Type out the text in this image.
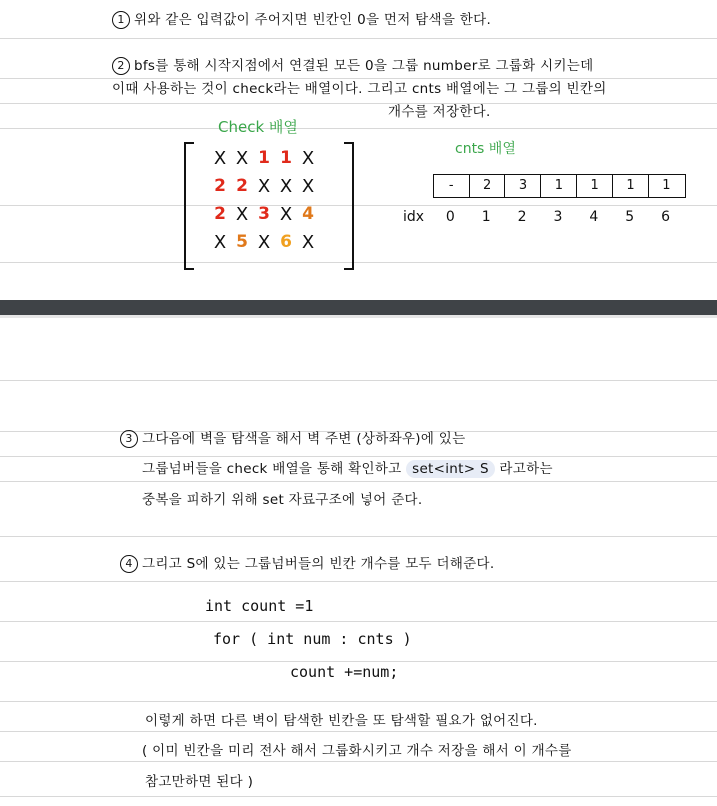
1 위와 같은 입력값이 주어지면 빈칸인 0을 먼저 탐색을 한다.
2 bfs를 통해 시작지점에서 연결된 모든 0을 그룹 number로 그룹화 시키는데
이때 사용하는 것이 check라는 배열이다. 그리고 cnts 배열에는 그 그룹의 빈칸의
개수를 저장한다.
Check 배열
X X 1 1 X
2 2 X X X
2 X 3 X 4
X 5 X 6 X
cnts 배열
-	2	3	1	1	1	1
idx 0 1 2 3 4 5 6
3 그다음에 벽을 탐색을 해서 벽 주변 (상하좌우)에 있는
그룹넘버들을 check 배열을 통해 확인하고 set<int> S 라고하는
중복을 피하기 위해 set 자료구조에 넣어 준다.
4 그리고 S에 있는 그룹넘버들의 빈칸 개수를 모두 더해준다.
int count =1
for ( int num : cnts )
count +=num;
이렇게 하면 다른 벽이 탐색한 빈칸을 또 탐색할 필요가 없어진다.
( 이미 빈칸을 미리 전사 해서 그룹화시키고 개수 저장을 해서 이 개수를
참고만하면 된다 )
